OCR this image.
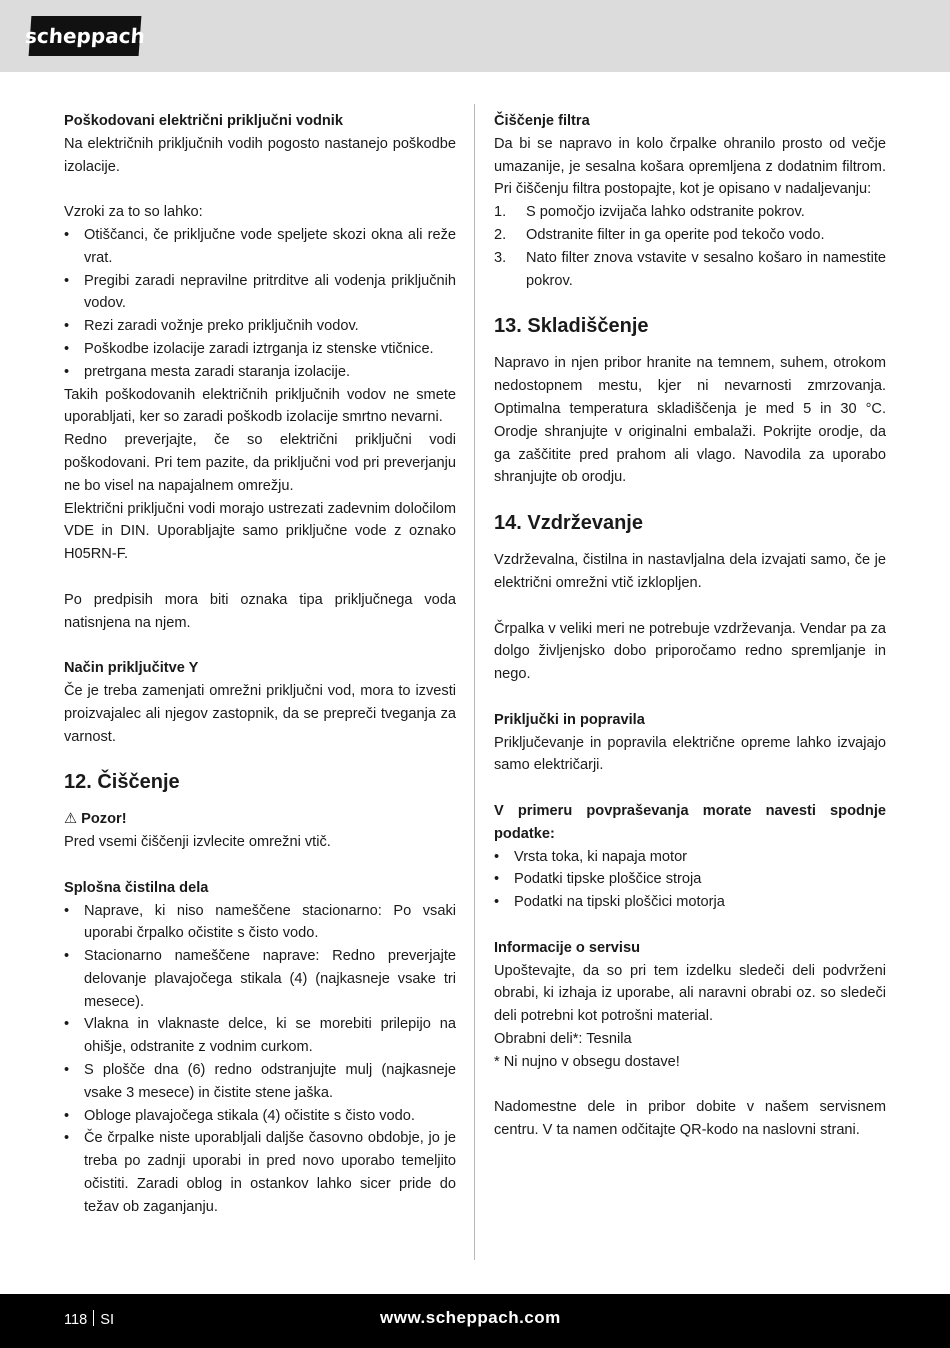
scheppach

Poškodovani električni priključni vodnik

Na električnih priključnih vodih pogosto nastanejo poškodbe izolacije.

Vzroki za to so lahko:

• Otiščanci, če priključne vode speljete skozi okna ali reže vrat.
• Pregibi zaradi nepravilne pritrditve ali vodenja priključnih vodov.
• Rezi zaradi vožnje preko priključnih vodov.
• Poškodbe izolacije zaradi iztrganja iz stenske vtičnice.
• pretrgana mesta zaradi staranja izolacije.

Takih poškodovanih električnih priključnih vodov ne smete uporabljati, ker so zaradi poškodb izolacije smrtno nevarni.

Redno preverjajte, če so električni priključni vodi poškodovani. Pri tem pazite, da priključni vod pri preverjanju ne bo visel na napajalnem omrežju.

Električni priključni vodi morajo ustrezati zadevnim določilom VDE in DIN. Uporabljajte samo priključne vode z oznako H05RN-F.

Po predpisih mora biti oznaka tipa priključnega voda natisnjena na njem.

Način priključitve Y

Če je treba zamenjati omrežni priključni vod, mora to izvesti proizvajalec ali njegov zastopnik, da se prepreči tveganja za varnost.

12. Čiščenje

⚠ Pozor!

Pred vsemi čiščenji izvlecite omrežni vtič.

Splošna čistilna dela

• Naprave, ki niso nameščene stacionarno: Po vsaki uporabi črpalko očistite s čisto vodo.
• Stacionarno nameščene naprave: Redno preverjajte delovanje plavajočega stikala (4) (najkasneje vsake tri mesece).
• Vlakna in vlaknaste delce, ki se morebiti prilepijo na ohišje, odstranite z vodnim curkom.
• S plošče dna (6) redno odstranjujte mulj (najkasneje vsake 3 mesece) in čistite stene jaška.
• Obloge plavajočega stikala (4) očistite s čisto vodo.
• Če črpalke niste uporabljali daljše časovno obdobje, jo je treba po zadnji uporabi in pred novo uporabo temeljito očistiti. Zaradi oblog in ostankov lahko sicer pride do težav ob zaganjanju.

Čiščenje filtra

Da bi se napravo in kolo črpalke ohranilo prosto od večje umazanije, je sesalna košara opremljena z dodatnim filtrom. Pri čiščenju filtra postopajte, kot je opisano v nadaljevanju:

1. S pomočjo izvijača lahko odstranite pokrov.
2. Odstranite filter in ga operite pod tekočo vodo.
3. Nato filter znova vstavite v sesalno košaro in namestite pokrov.
13. Skladiščenje

Napravo in njen pribor hranite na temnem, suhem, otrokom nedostopnem mestu, kjer ni nevarnosti zmrzovanja. Optimalna temperatura skladiščenja je med 5 in 30 °C. Orodje shranjujte v originalni embalaži. Pokrijte orodje, da ga zaščitite pred prahom ali vlago. Navodila za uporabo shranjujte ob orodju.

14. Vzdrževanje

Vzdrževalna, čistilna in nastavljalna dela izvajati samo, če je električni omrežni vtič izklopljen.

Črpalka v veliki meri ne potrebuje vzdrževanja. Vendar pa za dolgo življenjsko dobo priporočamo redno spremljanje in nego.

Priključki in popravila

Priključevanje in popravila električne opreme lahko izvajajo samo električarji.

V primeru povpraševanja morate navesti spodnje podatke:

• Vrsta toka, ki napaja motor
• Podatki tipske ploščice stroja
• Podatki na tipski ploščici motorja

Informacije o servisu

Upoštevajte, da so pri tem izdelku sledeči deli podvrženi obrabi, ki izhaja iz uporabe, ali naravni obrabi oz. so sledeči deli potrebni kot potrošni material.

Obrabni deli*: Tesnila

* Ni nujno v obsegu dostave!

Nadomestne dele in pribor dobite v našem servisnem centru. V ta namen odčitajte QR-kodo na naslovni strani.

118 SI	www.scheppach.com
